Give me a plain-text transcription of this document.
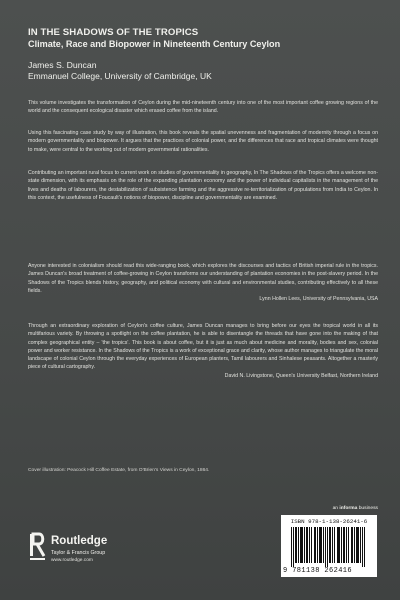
IN THE SHADOWS OF THE TROPICS
Climate, Race and Biopower in Nineteenth Century Ceylon
James S. Duncan
Emmanuel College, University of Cambridge, UK

This volume investigates the transformation of Ceylon during the mid-nineteenth century into one of the most important coffee growing regions of the world and the consequent ecological disaster which erased coffee from the island.

Using this fascinating case study by way of illustration, this book reveals the spatial unevenness and fragmentation of modernity through a focus on modern governmentality and biopower. It argues that the practices of colonial power, and the differences that race and tropical climates were thought to make, were central to the working out of modern governmental rationalities.

Contributing an important rural focus to current work on studies of governmentality in geography, In The Shadows of the Tropics offers a welcome non-state dimension, with its emphasis on the role of the expanding plantation economy and the power of individual capitalists in the management of the lives and deaths of labourers, the destabilization of subsistence farming and the aggressive re-territorialization of populations from India to Ceylon. In this context, the usefulness of Foucault's notions of biopower, discipline and governmentality are examined.

Anyone interested in colonialism should read this wide-ranging book, which explores the discourses and tactics of British imperial rule in the tropics. James Duncan's broad treatment of coffee-growing in Ceylon transforms our understanding of plantation economies in the post-slavery period. In the Shadows of the Tropics blends history, geography, and political economy with cultural and environmental studies, contributing effectively to all these fields.
Lynn Hollen Lees, University of Pennsylvania, USA
Through an extraordinary exploration of Ceylon's coffee culture, James Duncan manages to bring before our eyes the tropical world in all its multifarious variety. By throwing a spotlight on the coffee plantation, he is able to disentangle the threads that have gone into the making of that complex geographical entity – 'the tropics'. This book is about coffee, but it is just as much about medicine and morality, bodies and sex, colonial power and worker resistance. In the Shadows of the Tropics is a work of exceptional grace and clarity, whose author manages to triangulate the moral landscape of colonial Ceylon through the everyday experiences of European planters, Tamil labourers and Sinhalese peasants. Altogether a masterly piece of cultural cartography.
David N. Livingstone, Queen's University Belfast, Northern Ireland
Cover illustration: Peacock Hill Coffee Estate, from O'Brien's Views in Ceylon, 1864.
an informa business
Routledge
Taylor & Francis Group
www.routledge.com
ISBN 978-1-138-26241-6
9 781138 262416
